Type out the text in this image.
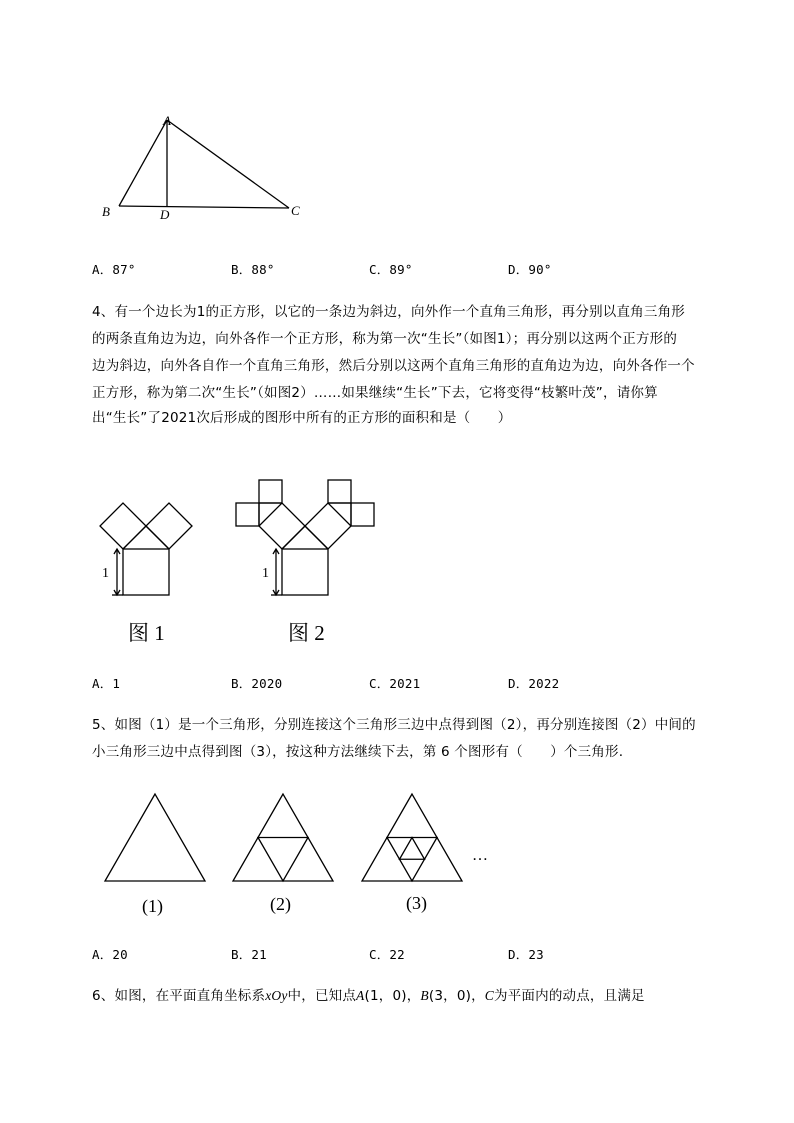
A
B	D	C
A．87°	B．88°	C．89°	D．90°
4、有一个边长为1的正方形，以它的一条边为斜边，向外作一个直角三角形，再分别以直角三角形
的两条直角边为边，向外各作一个正方形，称为第一次“生长”（如图1）；再分别以这两个正方形的
边为斜边，向外各自作一个直角三角形，然后分别以这两个直角三角形的直角边为边，向外各作一个
正方形，称为第二次“生长”（如图2）……如果继续“生长”下去，它将变得“枝繁叶茂”，请你算
出“生长”了2021次后形成的图形中所有的正方形的面积和是（　　）
1
图 1
1
图 2
A．1	B．2020	C．2021	D．2022
5、如图（1）是一个三角形，分别连接这个三角形三边中点得到图（2），再分别连接图（2）中间的
小三角形三边中点得到图（3），按这种方法继续下去，第 6 个图形有（　　）个三角形.
(1)	(2)	(3)
…
A．20	B．21	C．22	D．23
6、如图，在平面直角坐标系xOy中，已知点A(1，0)，B(3，0)，C为平面内的动点，且满足
